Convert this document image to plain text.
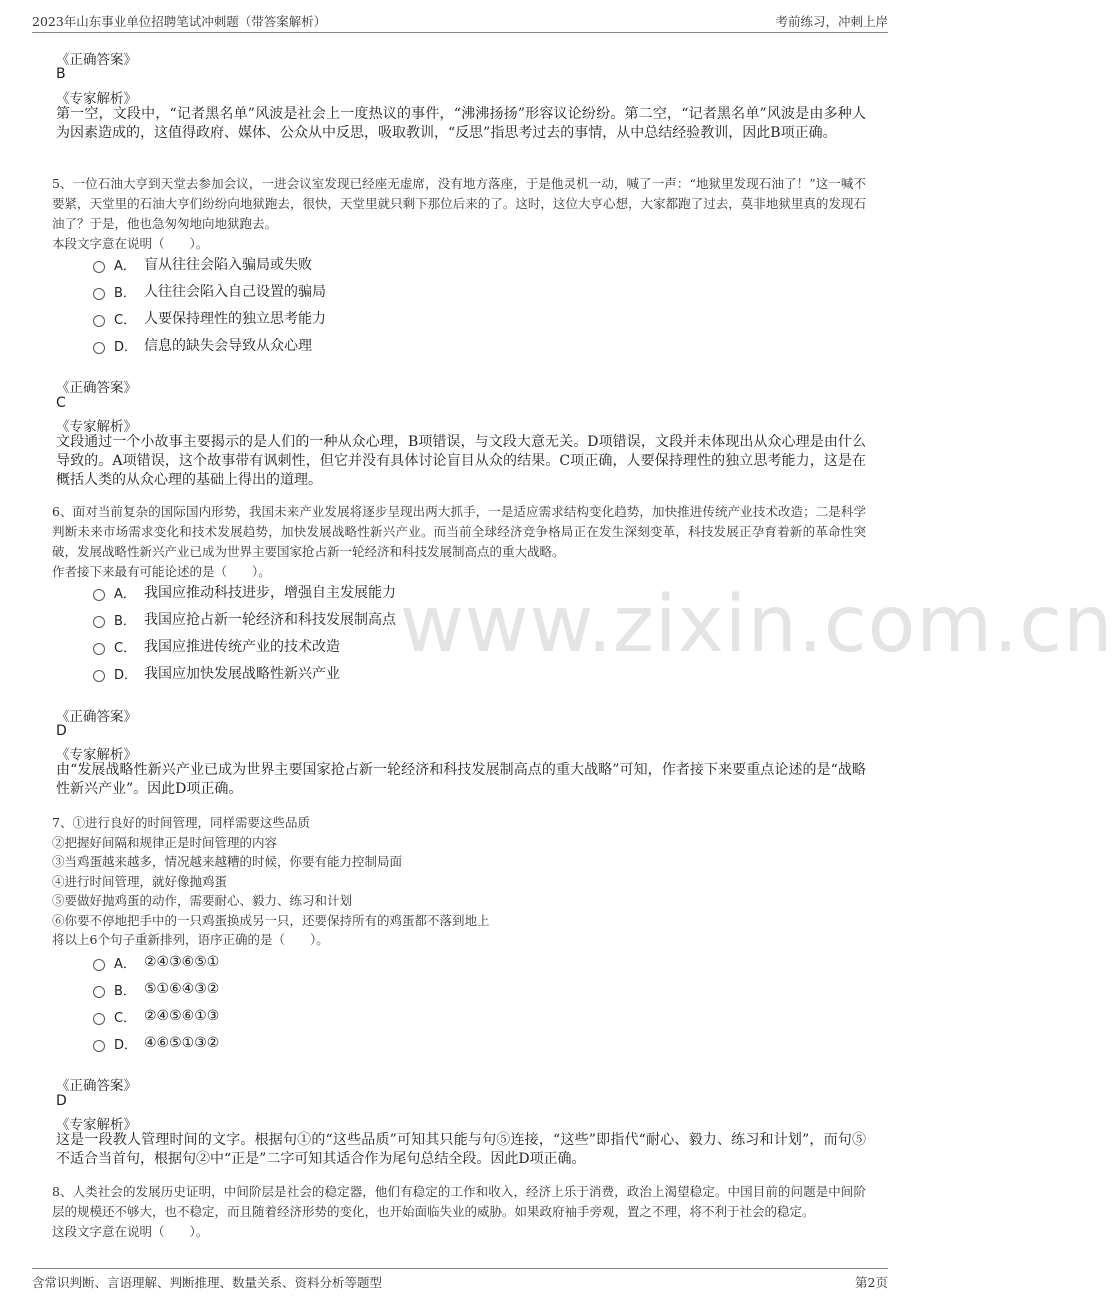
2023年山东事业单位招聘笔试冲刺题（带答案解析）	考前练习，冲刺上岸
www.zixin.com.cn
《正确答案》
B
《专家解析》
第一空，文段中，“记者黑名单”风波是社会上一度热议的事件，“沸沸扬扬”形容议论纷纷。第二空，“记者黑名单”风波是由多种人为因素造成的，这值得政府、媒体、公众从中反思，吸取教训，“反思”指思考过去的事情，从中总结经验教训，因此B项正确。

5、一位石油大亨到天堂去参加会议，一进会议室发现已经座无虚席，没有地方落座，于是他灵机一动，喊了一声：“地狱里发现石油了！”这一喊不要紧，天堂里的石油大亨们纷纷向地狱跑去，很快，天堂里就只剩下那位后来的了。这时，这位大亨心想，大家都跑了过去，莫非地狱里真的发现石油了？于是，他也急匆匆地向地狱跑去。

本段文字意在说明（　　）。

A． 盲从往往会陷入骗局或失败
B． 人往往会陷入自己设置的骗局
C． 人要保持理性的独立思考能力
D． 信息的缺失会导致从众心理
《正确答案》
C
《专家解析》
文段通过一个小故事主要揭示的是人们的一种从众心理，B项错误，与文段大意无关。D项错误，文段并未体现出从众心理是由什么导致的。A项错误，这个故事带有讽刺性，但它并没有具体讨论盲目从众的结果。C项正确，人要保持理性的独立思考能力，这是在概括人类的从众心理的基础上得出的道理。

6、面对当前复杂的国际国内形势，我国未来产业发展将逐步呈现出两大抓手，一是适应需求结构变化趋势，加快推进传统产业技术改造；二是科学判断未来市场需求变化和技术发展趋势，加快发展战略性新兴产业。而当前全球经济竞争格局正在发生深刻变革，科技发展正孕育着新的革命性突破，发展战略性新兴产业已成为世界主要国家抢占新一轮经济和科技发展制高点的重大战略。

作者接下来最有可能论述的是（　　）。

A． 我国应推动科技进步，增强自主发展能力
B． 我国应抢占新一轮经济和科技发展制高点
C． 我国应推进传统产业的技术改造
D． 我国应加快发展战略性新兴产业
《正确答案》
D
《专家解析》
由“发展战略性新兴产业已成为世界主要国家抢占新一轮经济和科技发展制高点的重大战略”可知，作者接下来要重点论述的是“战略性新兴产业”。因此D项正确。

7、①进行良好的时间管理，同样需要这些品质

②把握好间隔和规律正是时间管理的内容

③当鸡蛋越来越多，情况越来越糟的时候，你要有能力控制局面

④进行时间管理，就好像抛鸡蛋

⑤要做好抛鸡蛋的动作，需要耐心、毅力、练习和计划

⑥你要不停地把手中的一只鸡蛋换成另一只，还要保持所有的鸡蛋都不落到地上

将以上6个句子重新排列，语序正确的是（　　）。

A． ②④③⑥⑤①
B． ⑤①⑥④③②
C． ②④⑤⑥①③
D． ④⑥⑤①③②
《正确答案》
D
《专家解析》
这是一段教人管理时间的文字。根据句①的“这些品质”可知其只能与句⑤连接，“这些”即指代“耐心、毅力、练习和计划”，而句⑤不适合当首句，根据句②中“正是”二字可知其适合作为尾句总结全段。因此D项正确。

8、人类社会的发展历史证明，中间阶层是社会的稳定器，他们有稳定的工作和收入，经济上乐于消费，政治上渴望稳定。中国目前的问题是中间阶层的规模还不够大，也不稳定，而且随着经济形势的变化，也开始面临失业的威胁。如果政府袖手旁观，置之不理，将不利于社会的稳定。

这段文字意在说明（　　）。

含常识判断、言语理解、判断推理、数量关系、资料分析等题型	第2页
